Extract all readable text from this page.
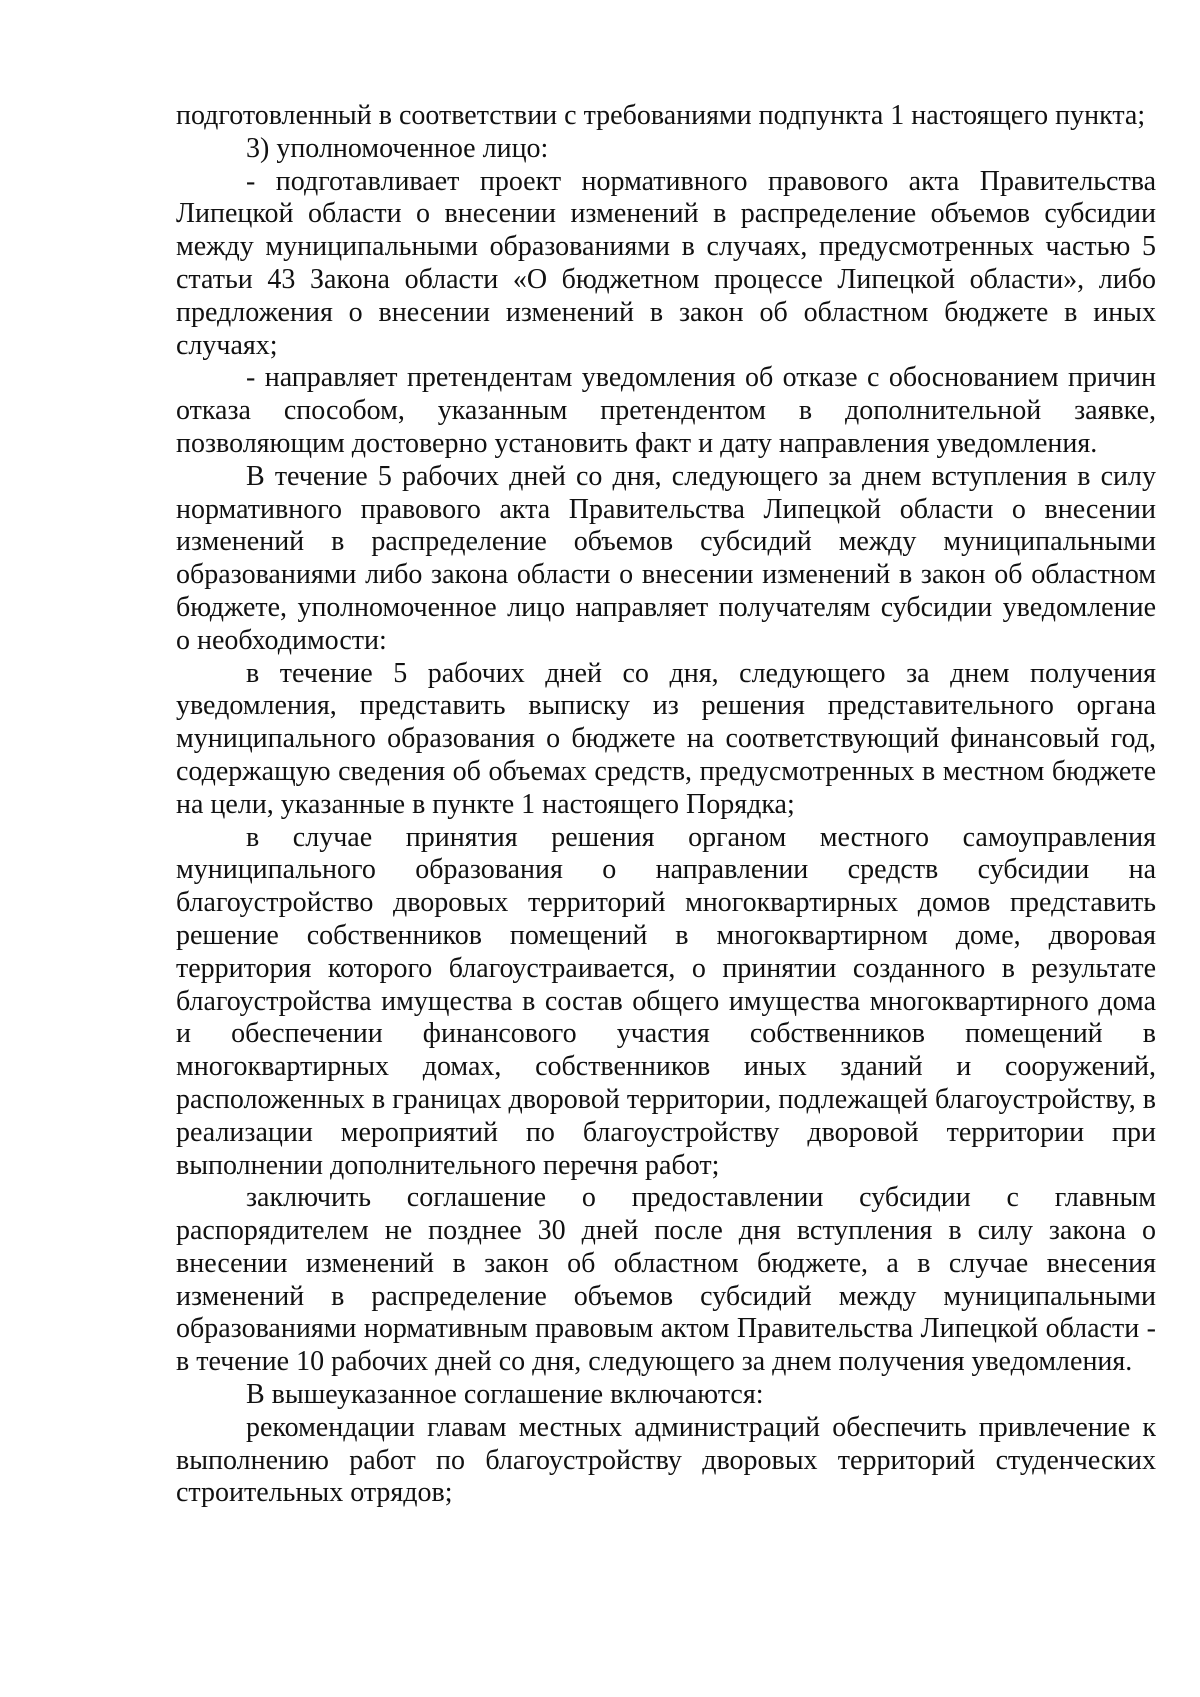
подготовленный в соответствии с требованиями подпункта 1 настоящего пункта;

3) уполномоченное лицо:

- подготавливает проект нормативного правового акта Правительства Липецкой области о внесении изменений в распределение объемов субсидии между муниципальными образованиями в случаях, предусмотренных частью 5 статьи 43 Закона области «О бюджетном процессе Липецкой области», либо предложения о внесении изменений в закон об областном бюджете в иных случаях;

- направляет претендентам уведомления об отказе с обоснованием причин отказа способом, указанным претендентом в дополнительной заявке, позволяющим достоверно установить факт и дату направления уведомления.

В течение 5 рабочих дней со дня, следующего за днем вступления в силу нормативного правового акта Правительства Липецкой области о внесении изменений в распределение объемов субсидий между муниципальными образованиями либо закона области о внесении изменений в закон об областном бюджете, уполномоченное лицо направляет получателям субсидии уведомление о необходимости:

в течение 5 рабочих дней со дня, следующего за днем получения уведомления, представить выписку из решения представительного органа муниципального образования о бюджете на соответствующий финансовый год, содержащую сведения об объемах средств, предусмотренных в местном бюджете на цели, указанные в пункте 1 настоящего Порядка;

в случае принятия решения органом местного самоуправления муниципального образования о направлении средств субсидии на благоустройство дворовых территорий многоквартирных домов представить решение собственников помещений в многоквартирном доме, дворовая территория которого благоустраивается, о принятии созданного в результате благоустройства имущества в состав общего имущества многоквартирного дома и обеспечении финансового участия собственников помещений в многоквартирных домах, собственников иных зданий и сооружений, расположенных в границах дворовой территории, подлежащей благоустройству, в реализации мероприятий по благоустройству дворовой территории при выполнении дополнительного перечня работ;

заключить соглашение о предоставлении субсидии с главным распорядителем не позднее 30 дней после дня вступления в силу закона о внесении изменений в закон об областном бюджете, а в случае внесения изменений в распределение объемов субсидий между муниципальными образованиями нормативным правовым актом Правительства Липецкой области - в течение 10 рабочих дней со дня, следующего за днем получения уведомления.

В вышеуказанное соглашение включаются:

рекомендации главам местных администраций обеспечить привлечение к выполнению работ по благоустройству дворовых территорий студенческих строительных отрядов;
